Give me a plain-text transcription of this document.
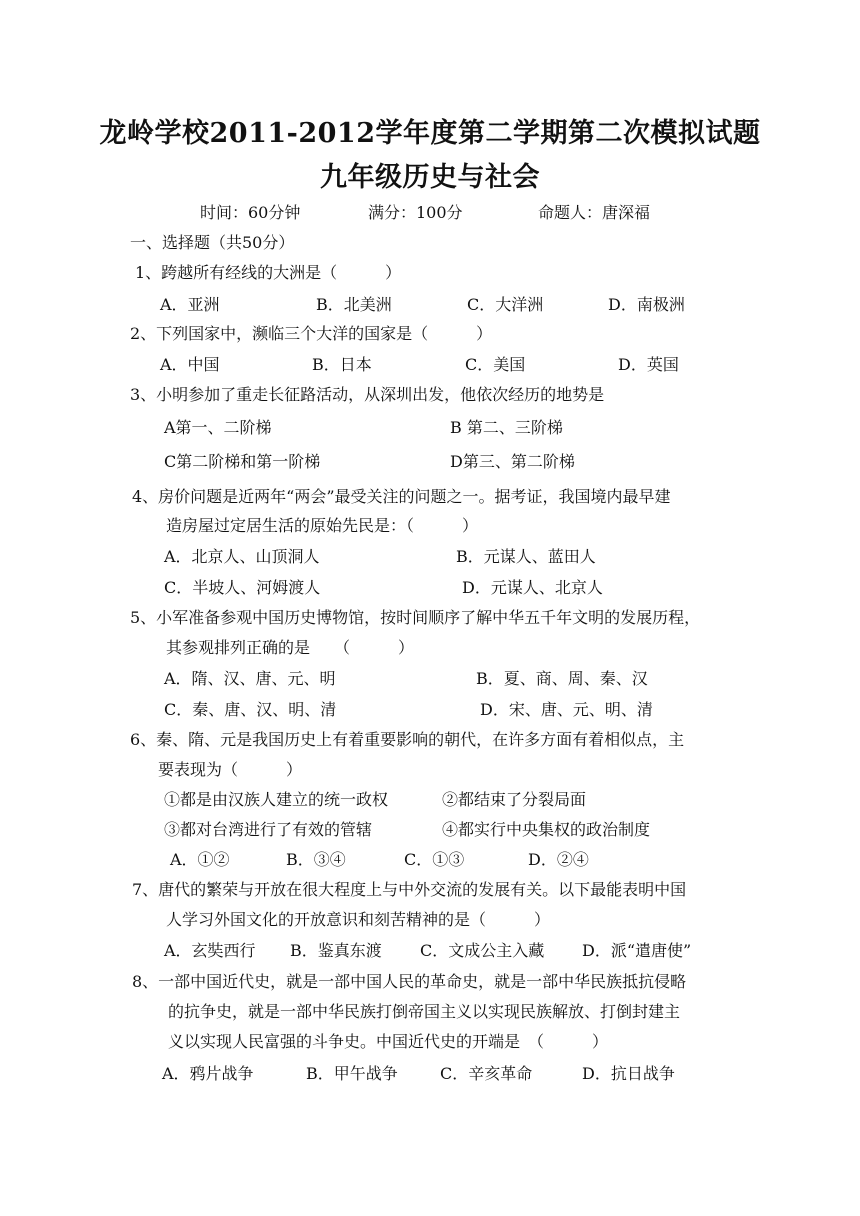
龙岭学校2011-2012学年度第二学期第二次模拟试题
九年级历史与社会
时间：60分钟	满分：100分	命题人：唐深福
一、选择题（共50分）
1、跨越所有经线的大洲是（　　　）
A．亚洲	B．北美洲	C．大洋洲	D．南极洲
2、下列国家中，濒临三个大洋的国家是（　　　）
A．中国	B．日本	C．美国	D．英国
3、小明参加了重走长征路活动，从深圳出发，他依次经历的地势是
A第一、二阶梯	B 第二、三阶梯
C第二阶梯和第一阶梯	D第三、第二阶梯
4、房价问题是近两年“两会”最受关注的问题之一。据考证，我国境内最早建
造房屋过定居生活的原始先民是：（　　　）
A．北京人、山顶洞人	B．元谋人、蓝田人
C．半坡人、河姆渡人	D．元谋人、北京人
5、小军准备参观中国历史博物馆，按时间顺序了解中华五千年文明的发展历程，
其参观排列正确的是　　（　　　）
A．隋、汉、唐、元、明	B．夏、商、周、秦、汉
C．秦、唐、汉、明、清	D．宋、唐、元、明、清
6、秦、隋、元是我国历史上有着重要影响的朝代，在许多方面有着相似点，主
要表现为（　　　）
①都是由汉族人建立的统一政权	②都结束了分裂局面
③都对台湾进行了有效的管辖	④都实行中央集权的政治制度
A．①②	B．③④	C．①③	D．②④
7、唐代的繁荣与开放在很大程度上与中外交流的发展有关。以下最能表明中国
人学习外国文化的开放意识和刻苦精神的是（　　　）
A．玄奘西行 B．鉴真东渡 C．文成公主入藏 D．派“遣唐使”
8、一部中国近代史，就是一部中国人民的革命史，就是一部中华民族抵抗侵略
的抗争史，就是一部中华民族打倒帝国主义以实现民族解放、打倒封建主
义以实现人民富强的斗争史。中国近代史的开端是　（　　　）
A．鸦片战争	B．甲午战争	C．辛亥革命	D．抗日战争
